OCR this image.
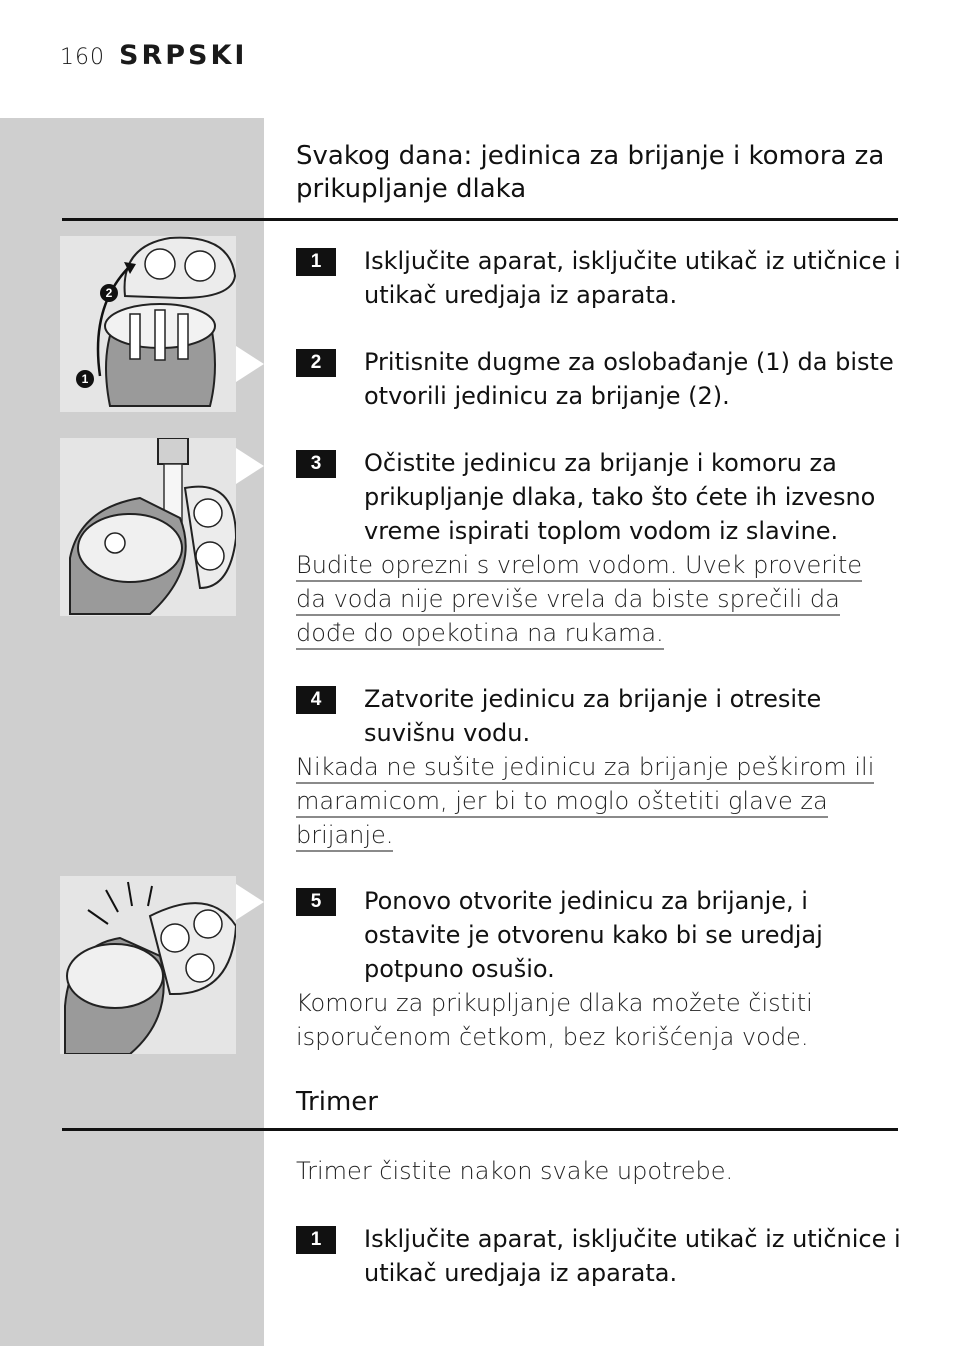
160 SRPSKI
Svakog dana: jedinica za brijanje i komora za prikupljanje dlaka
2
1
1	Isključite aparat, isključite utikač iz utičnice i utikač uredjaja iz aparata.
2	Pritisnite dugme za oslobađanje (1) da biste otvorili jedinicu za brijanje (2).
3	Očistite jedinicu za brijanje i komoru za prikupljanje dlaka, tako što ćete ih izvesno vreme ispirati toplom vodom iz slavine.
Budite oprezni s vrelom vodom. Uvek proverite
da voda nije previše vrela da biste sprečili da
dođe do opekotina na rukama.
4	Zatvorite jedinicu za brijanje i otresite suvišnu vodu.
Nikada ne sušite jedinicu za brijanje peškirom ili
maramicom, jer bi to moglo oštetiti glave za
brijanje.
5	Ponovo otvorite jedinicu za brijanje, i ostavite je otvorenu kako bi se uredjaj potpuno osušio.
Komoru za prikupljanje dlaka možete čistiti isporučenom četkom, bez korišćenja vode.
Trimer
Trimer čistite nakon svake upotrebe.
1	Isključite aparat, isključite utikač iz utičnice i utikač uredjaja iz aparata.
